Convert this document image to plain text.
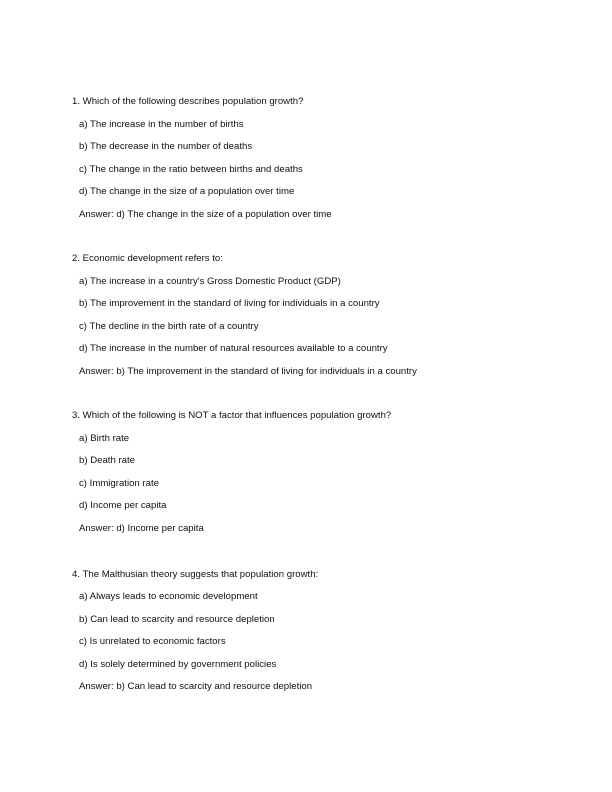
1. Which of the following describes population growth?
a) The increase in the number of births
b) The decrease in the number of deaths
c) The change in the ratio between births and deaths
d) The change in the size of a population over time
Answer: d) The change in the size of a population over time
2. Economic development refers to:
a) The increase in a country's Gross Domestic Product (GDP)
b) The improvement in the standard of living for individuals in a country
c) The decline in the birth rate of a country
d) The increase in the number of natural resources available to a country
Answer: b) The improvement in the standard of living for individuals in a country
3. Which of the following is NOT a factor that influences population growth?
a) Birth rate
b) Death rate
c) Immigration rate
d) Income per capita
Answer: d) Income per capita
4. The Malthusian theory suggests that population growth:
a) Always leads to economic development
b) Can lead to scarcity and resource depletion
c) Is unrelated to economic factors
d) Is solely determined by government policies
Answer: b) Can lead to scarcity and resource depletion
